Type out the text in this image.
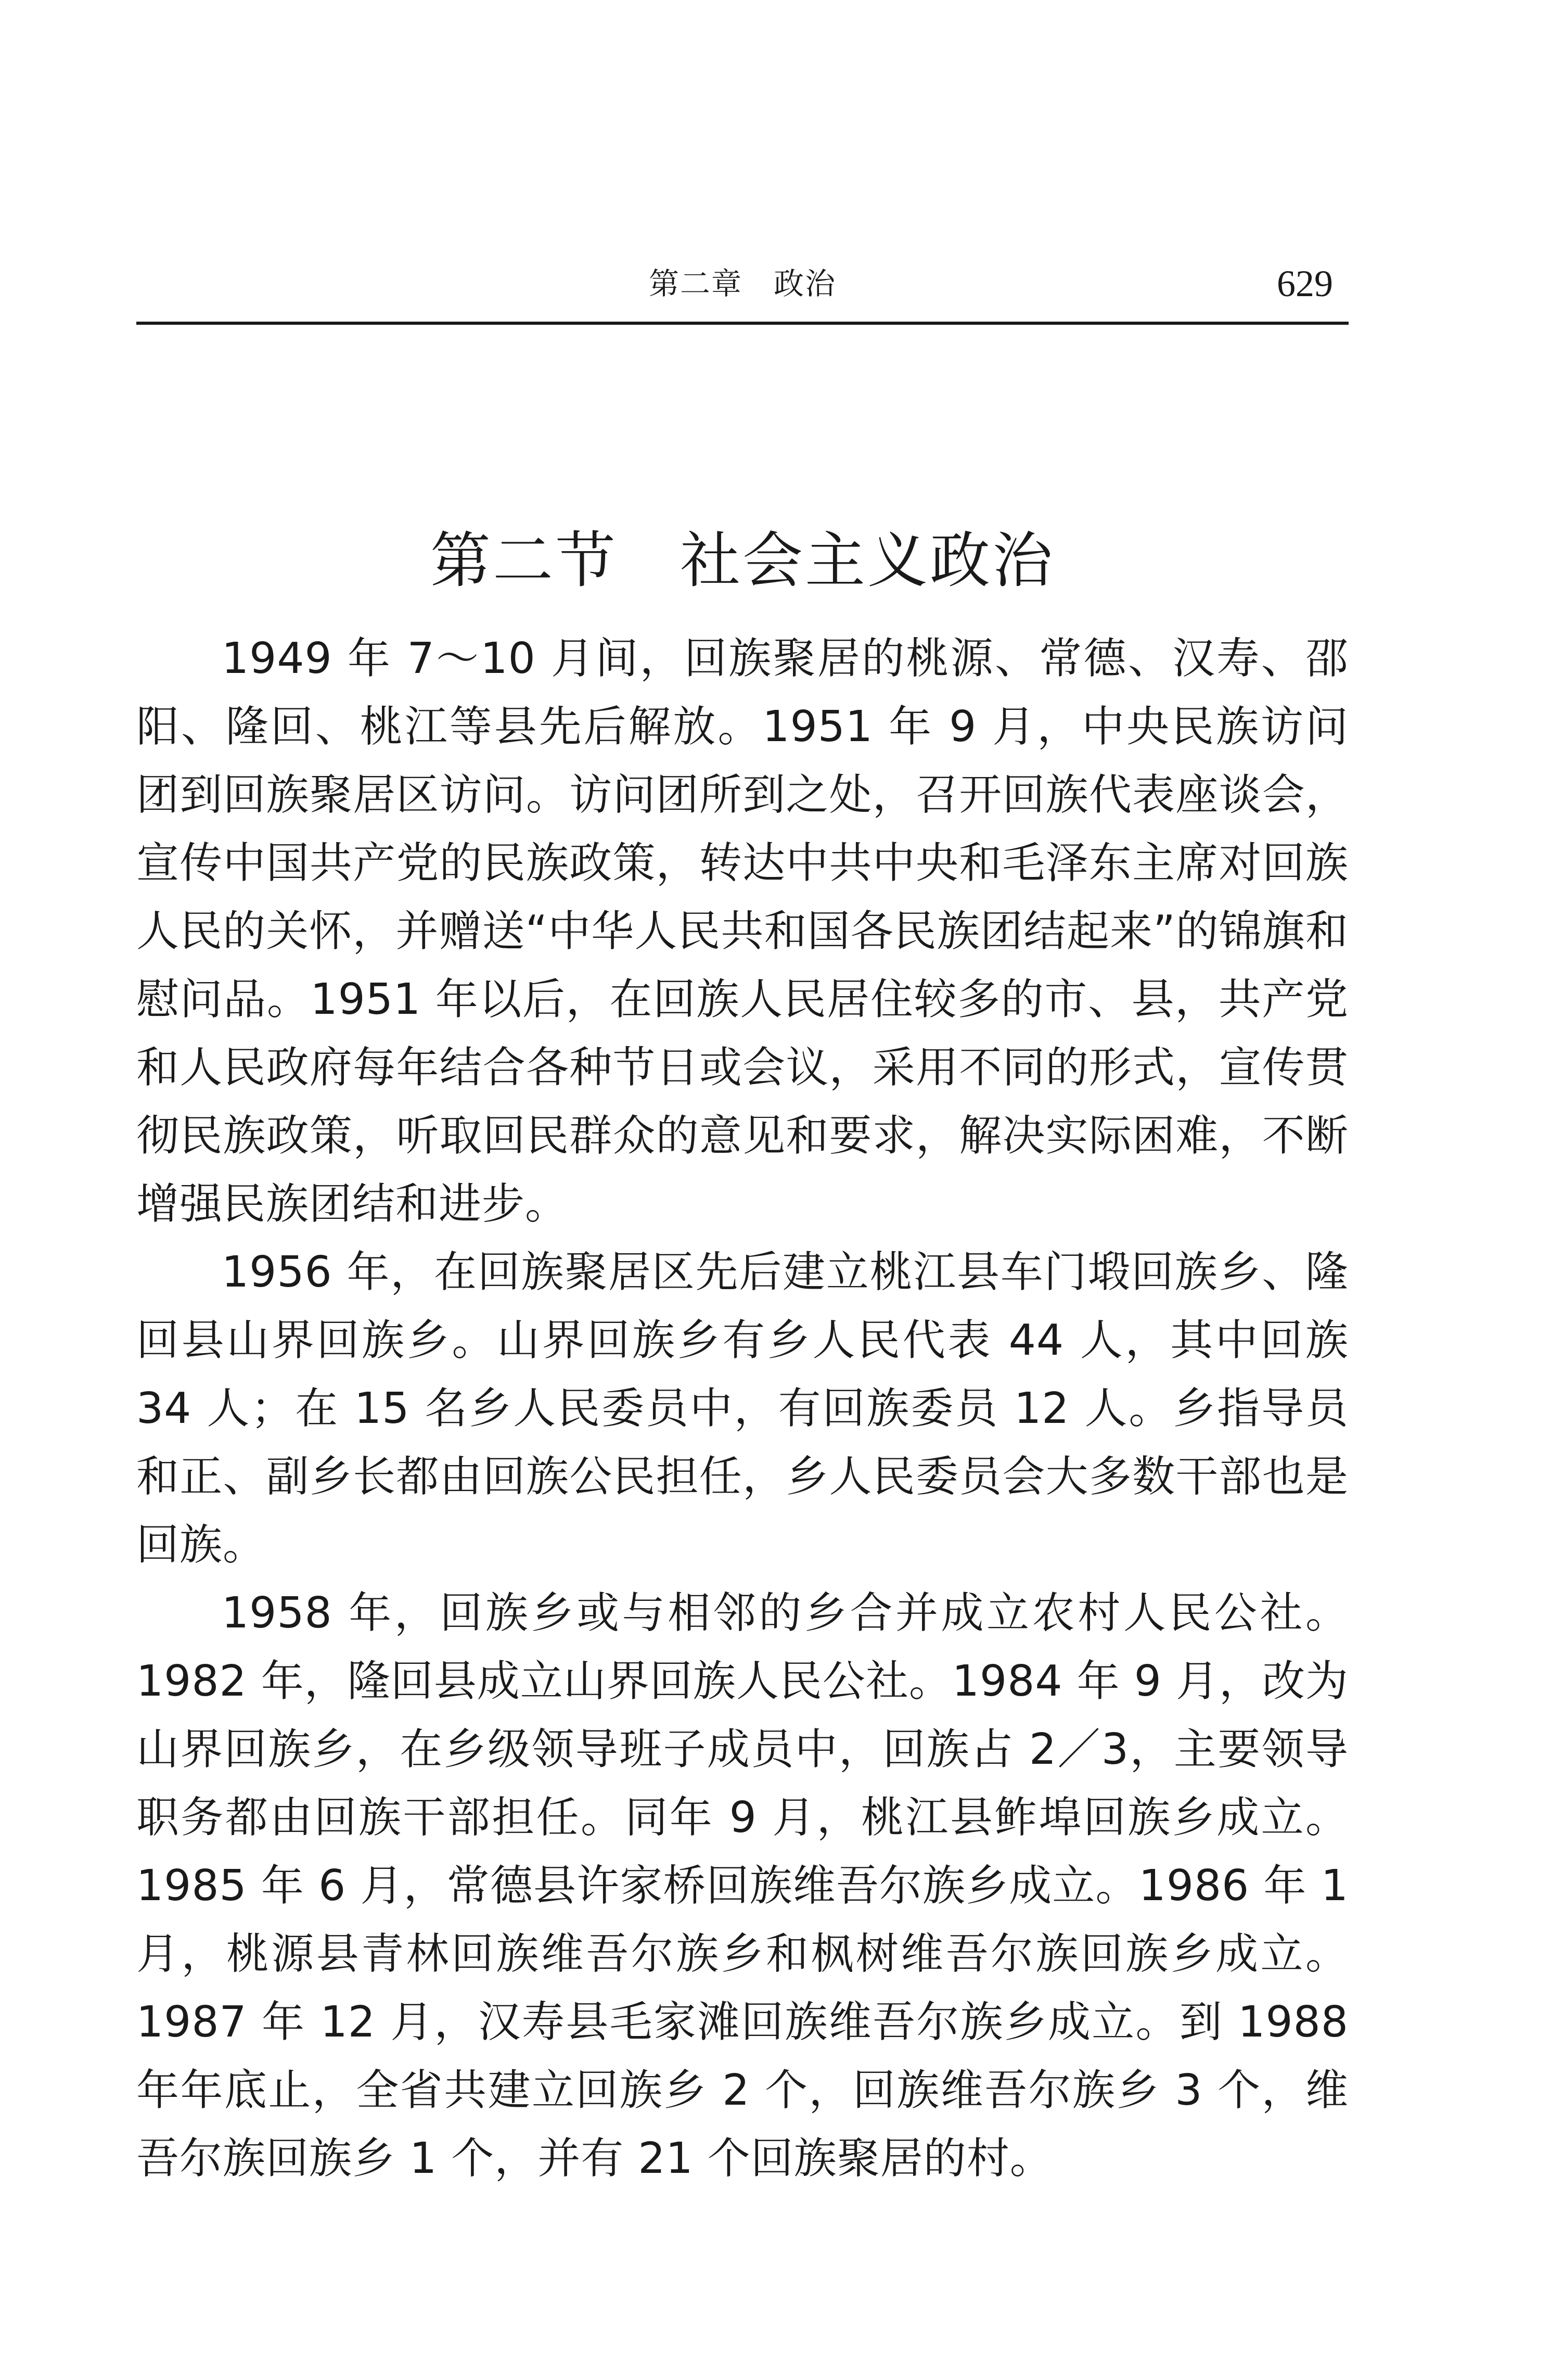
第二章　政治	629
第二节　社会主义政治

1949 年 7～10 月间，回族聚居的桃源、常德、汉寿、邵阳、隆回、桃江等县先后解放。1951 年 9 月，中央民族访问团到回族聚居区访问。访问团所到之处，召开回族代表座谈会，宣传中国共产党的民族政策，转达中共中央和毛泽东主席对回族人民的关怀，并赠送“中华人民共和国各民族团结起来”的锦旗和慰问品。1951 年以后，在回族人民居住较多的市、县，共产党和人民政府每年结合各种节日或会议，采用不同的形式，宣传贯彻民族政策，听取回民群众的意见和要求，解决实际困难，不断增强民族团结和进步。

1956 年，在回族聚居区先后建立桃江县车门塅回族乡、隆回县山界回族乡。山界回族乡有乡人民代表 44 人，其中回族 34 人；在 15 名乡人民委员中，有回族委员 12 人。乡指导员和正、副乡长都由回族公民担任，乡人民委员会大多数干部也是回族。

1958 年，回族乡或与相邻的乡合并成立农村人民公社。1982 年，隆回县成立山界回族人民公社。1984 年 9 月，改为山界回族乡，在乡级领导班子成员中，回族占 2／3，主要领导职务都由回族干部担任。同年 9 月，桃江县鲊埠回族乡成立。1985 年 6 月，常德县许家桥回族维吾尔族乡成立。1986 年 1 月，桃源县青林回族维吾尔族乡和枫树维吾尔族回族乡成立。1987 年 12 月，汉寿县毛家滩回族维吾尔族乡成立。到 1988 年年底止，全省共建立回族乡 2 个，回族维吾尔族乡 3 个，维吾尔族回族乡 1 个，并有 21 个回族聚居的村。
